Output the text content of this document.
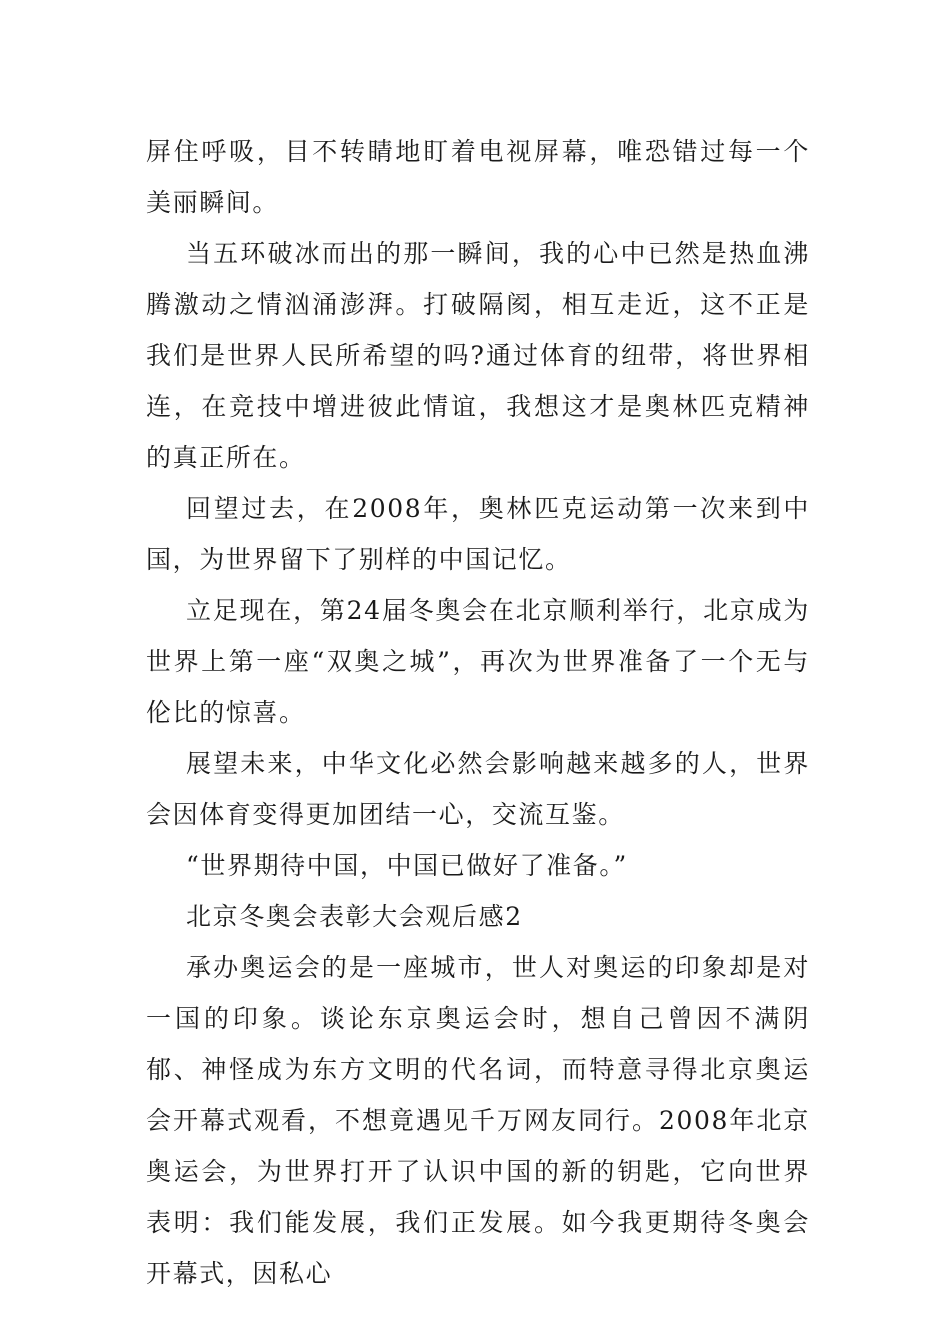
屏住呼吸，目不转睛地盯着电视屏幕，唯恐错过每一个美丽瞬间。

当五环破冰而出的那一瞬间，我的心中已然是热血沸腾激动之情汹涌澎湃。打破隔阂，相互走近，这不正是我们是世界人民所希望的吗?通过体育的纽带，将世界相连，在竞技中增进彼此情谊，我想这才是奥林匹克精神的真正所在。

回望过去，在2008年，奥林匹克运动第一次来到中国，为世界留下了别样的中国记忆。

立足现在，第24届冬奥会在北京顺利举行，北京成为世界上第一座“双奥之城”，再次为世界准备了一个无与伦比的惊喜。

展望未来，中华文化必然会影响越来越多的人，世界会因体育变得更加团结一心，交流互鉴。

“世界期待中国，中国已做好了准备。”

北京冬奥会表彰大会观后感2

承办奥运会的是一座城市，世人对奥运的印象却是对一国的印象。谈论东京奥运会时，想自己曾因不满阴郁、神怪成为东方文明的代名词，而特意寻得北京奥运会开幕式观看，不想竟遇见千万网友同行。2008年北京奥运会，为世界打开了认识中国的新的钥匙，它向世界表明：我们能发展，我们正发展。如今我更期待冬奥会开幕式，因私心
